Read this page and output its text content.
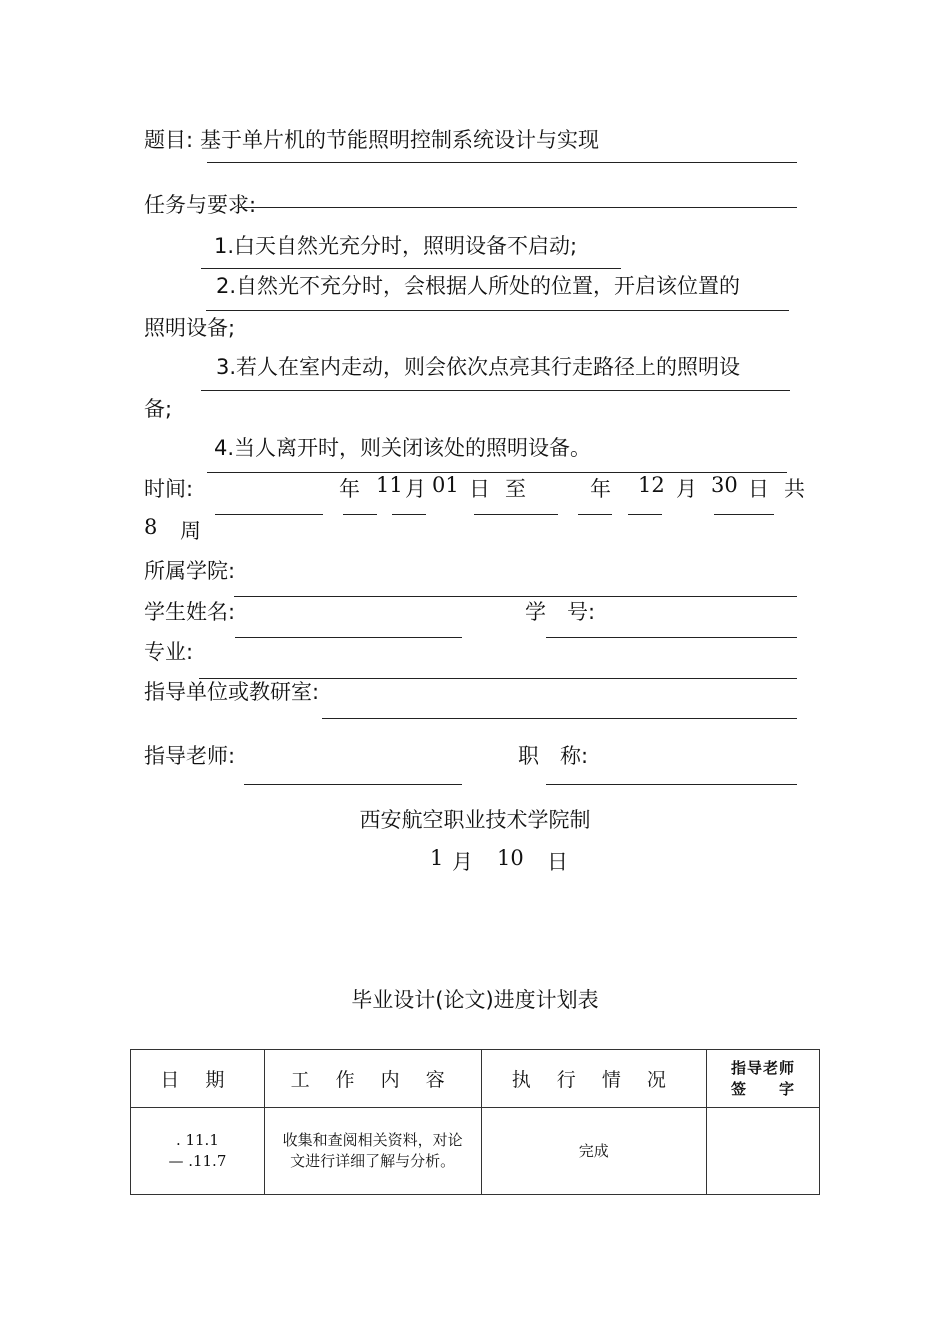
题目: 基于单片机的节能照明控制系统设计与实现
任务与要求:
1.白天自然光充分时，照明设备不启动;
2.自然光不充分时，会根据人所处的位置，开启该位置的
照明设备;
3.若人在室内走动，则会依次点亮其行走路径上的照明设
备;
4.当人离开时，则关闭该处的照明设备。
时间:	年 11 月 01 日 至	年 12 月 30 日 共
8 周
所属学院:
学生姓名:	学　号:
专业:
指导单位或教研室:
指导老师:	职　称:
西安航空职业技术学院制
1 月 10 日
毕业设计(论文)进度计划表
日 期	工 作 内 容	执 行 情 况	指导老师
签　　字

. 11.1
— .11.7	收集和查阅相关资料，对论文进行详细了解与分析。	完成	
